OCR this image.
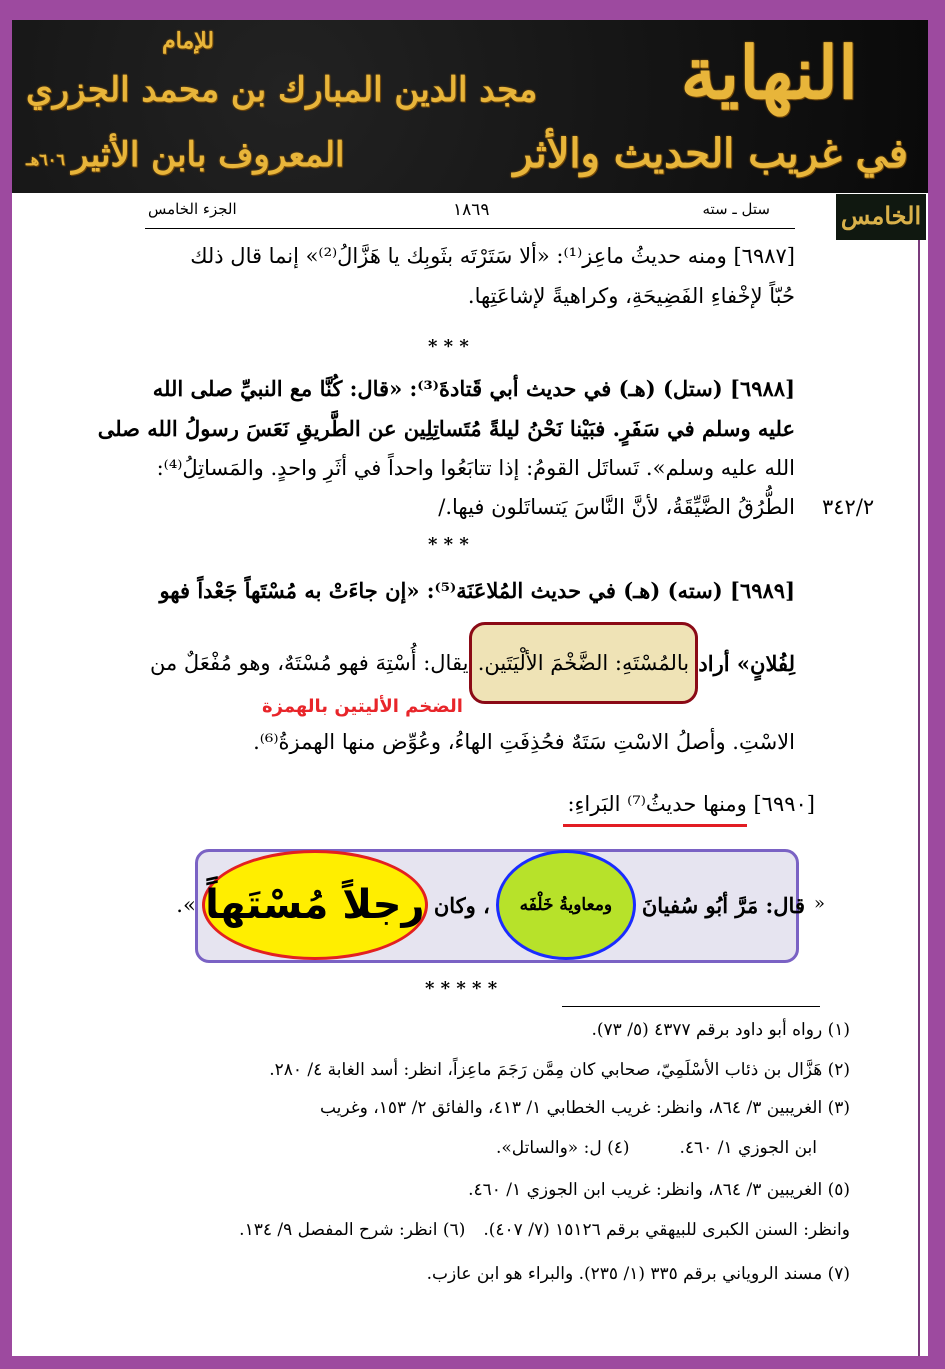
النهاية
في غريب الحديث والأثر
للإمام
مجد الدين المبارك بن محمد الجزري
المعروف بابن الأثير
٦٠٦هـ
الخامس
ستل ـ سته
١٨٦٩
الجزء الخامس
[٦٩٨٧] ومنه حديثُ ماعِز⁽¹⁾: «ألا سَتَرْتَه بثَوبِك يا هَزَّالُ⁽²⁾» إنما قال ذلك
حُبّاً لإخْفاءِ الفَضِيحَةِ، وكراهيةً لإشاعَتِها.
* * *
[٦٩٨٨] (ستل) (هـ) في حديث أبي قَتادةَ⁽³⁾: «قال: كُنَّا مع النبيِّ صلى الله
عليه وسلم في سَفَرٍ. فبَيْنا نَحْنُ ليلةً مُتَساتِلِين عن الطَّريقِ نَعَسَ رسولُ الله صلى
الله عليه وسلم». تَساتَل القومُ: إذا تتابَعُوا واحداً في أثَرِ واحدٍ. والمَساتِلُ⁽⁴⁾:
الطُّرُقُ الضَّيِّقَةُ، لأنَّ النَّاسَ يَتساتَلون فيها./ ٣٤٢/٢
* * *
[٦٩٨٩] (سته) (هـ) في حديث المُلاعَنَة⁽⁵⁾: «إن جاءَتْ به مُسْتَهاً جَعْداً فهو
لِفُلانٍ» أراد
بالمُسْتَهِ: الضَّخْمَ الألْيَتَين.
يقال: أُسْتِهَ فهو مُسْتَهٌ، وهو مُفْعَلٌ من
الضخم الأليتين بالهمزة
الاسْتِ. وأصلُ الاسْتِ سَتَهٌ فحُذِفَتِ الهاءُ، وعُوِّض منها الهمزةُ⁽⁶⁾.
[٦٩٩٠] ومنها حديثُ⁽⁷⁾ البَراءِ:
«
قال: مَرَّ أبُو سُفيانَ
ومعاويةُ خَلْفَه
، وكان
رجلاً مُسْتَهاً
».
* * * * *
(١) رواه أبو داود برقم ٤٣٧٧ (٥/ ٧٣).
(٢) هَزَّال بن ذئاب الأسْلَمِيّ، صحابي كان مِمَّن رَجَمَ ماعِزاً، انظر: أسد الغابة ٤/ ٢٨٠.
(٣) الغريبين ٣/ ٨٦٤، وانظر: غريب الخطابي ١/ ٤١٣، والفائق ٢/ ١٥٣، وغريب
ابن الجوزي ١/ ٤٦٠.
(٤) ل: «والساتل».
(٥) الغريبين ٣/ ٨٦٤، وانظر: غريب ابن الجوزي ١/ ٤٦٠.
وانظر: السنن الكبرى للبيهقي برقم ١٥١٢٦ (٧/ ٤٠٧).
(٦) انظر: شرح المفصل ٩/ ١٣٤.
(٧) مسند الروياني برقم ٣٣٥ (١/ ٢٣٥). والبراء هو ابن عازب.
